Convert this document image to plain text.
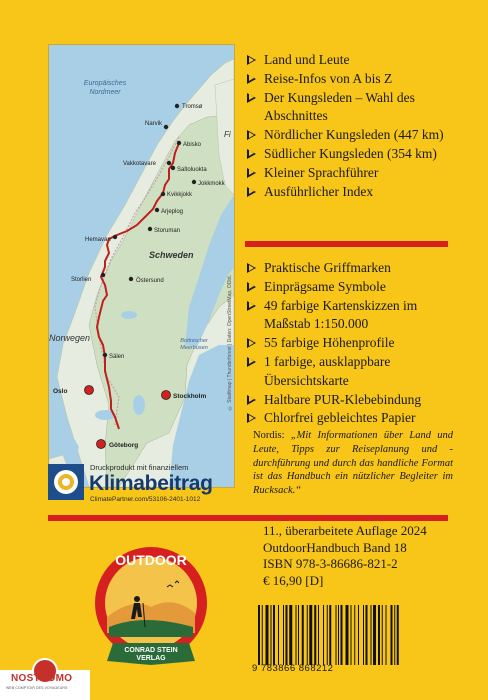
Europäisches
Nordmeer
Bottnischer
Meerbusen
Schweden
Norwegen
Fi
Tromsø
Narvik
Abisko
Vakkotavare
Saltoluokta
Kvikkjokk
Jokkmokk
Arjeplog
Hemavan
Storuman
Storlien	Östersund
Sälen
Oslo
Stockholm
Göteborg
© Stadtmap | Thunderforest | Daten: OpenStreetMap, ODbL
Land und Leute
Reise-Infos von A bis Z
Der Kungsleden – Wahl des Abschnittes
Nördlicher Kungsleden (447 km)
Südlicher Kungsleden (354 km)
Kleiner Sprachführer
Ausführlicher Index
Praktische Griffmarken
Einprägsame Symbole
49 farbige Kartenskizzen im Maßstab 1:150.000
55 farbige Höhenprofile
1 farbige, ausklappbare Übersichtskarte
Haltbare PUR-Klebebindung
Chlorfrei gebleichtes Papier
Nordis: „Mit Informationen über Land und Leute, Tipps zur Reiseplanung und -durchführung und durch das handliche Format ist das Handbuch ein nützlicher Begleiter im Rucksack.“
Druckprodukt mit finanziellem
Klimabeitrag
ClimatePartner.com/53106-2401-1012
11., überarbeitete Auflage 2024
OutdoorHandbuch Band 18
ISBN 978-3-86686-821-2
€ 16,90 [D]
9 783866 868212
OUTDOOR
CONRAD STEIN
VERLAG
NOSTROMO
WEB COMPTOIR DES VOYAGEURS
